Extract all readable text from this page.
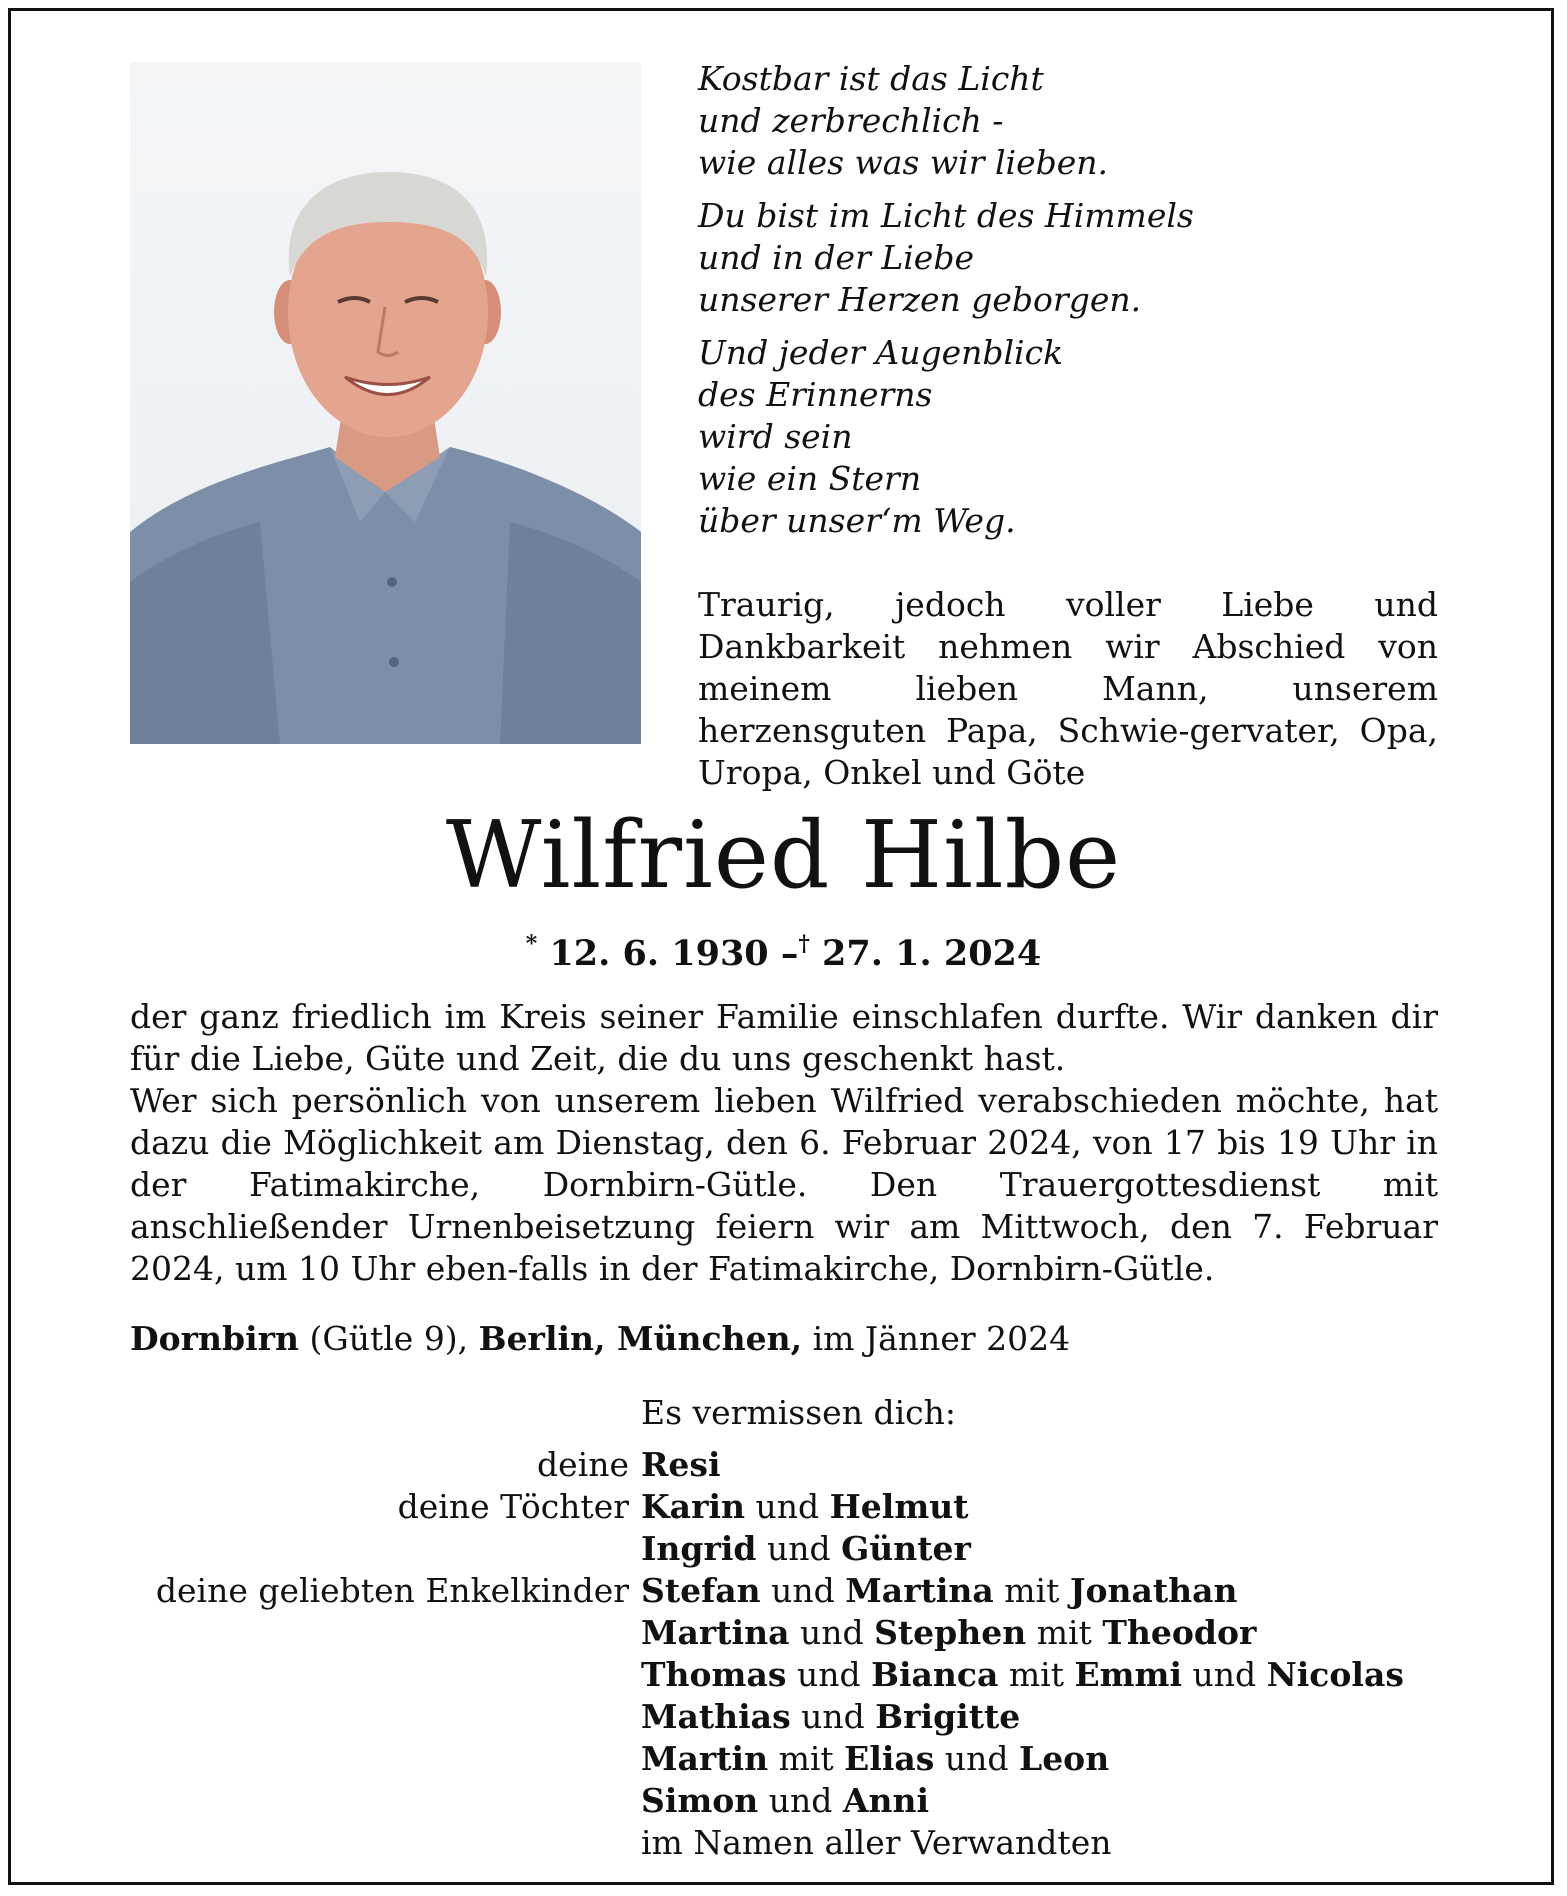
Kostbar ist das Licht
und zerbrechlich -
wie alles was wir lieben.
Du bist im Licht des Himmels
und in der Liebe
unserer Herzen geborgen.
Und jeder Augenblick
des Erinnerns
wird sein
wie ein Stern
über unser‘m Weg.
Traurig, jedoch voller Liebe und Dankbarkeit nehmen wir Abschied von meinem lieben Mann, unserem herzensguten Papa, Schwie-gervater, Opa, Uropa, Onkel und Göte
Wilfried Hilbe
* 12. 6. 1930 –† 27. 1. 2024

der ganz friedlich im Kreis seiner Familie einschlafen durfte. Wir danken dir für die Liebe, Güte und Zeit, die du uns geschenkt hast.

Wer sich persönlich von unserem lieben Wilfried verabschieden möchte, hat dazu die Möglichkeit am Dienstag, den 6. Februar 2024, von 17 bis 19 Uhr in der Fatimakirche, Dornbirn-Gütle. Den Trauergottesdienst mit anschließender Urnenbeisetzung feiern wir am Mittwoch, den 7. Februar 2024, um 10 Uhr eben-falls in der Fatimakirche, Dornbirn-Gütle.

Dornbirn (Gütle 9), Berlin, München, im Jänner 2024
Es vermissen dich:
deine Resi
deine Töchter Karin und Helmut
Ingrid und Günter
deine geliebten Enkelkinder Stefan und Martina mit Jonathan
Martina und Stephen mit Theodor
Thomas und Bianca mit Emmi und Nicolas
Mathias und Brigitte
Martin mit Elias und Leon
Simon und Anni
im Namen aller Verwandten
